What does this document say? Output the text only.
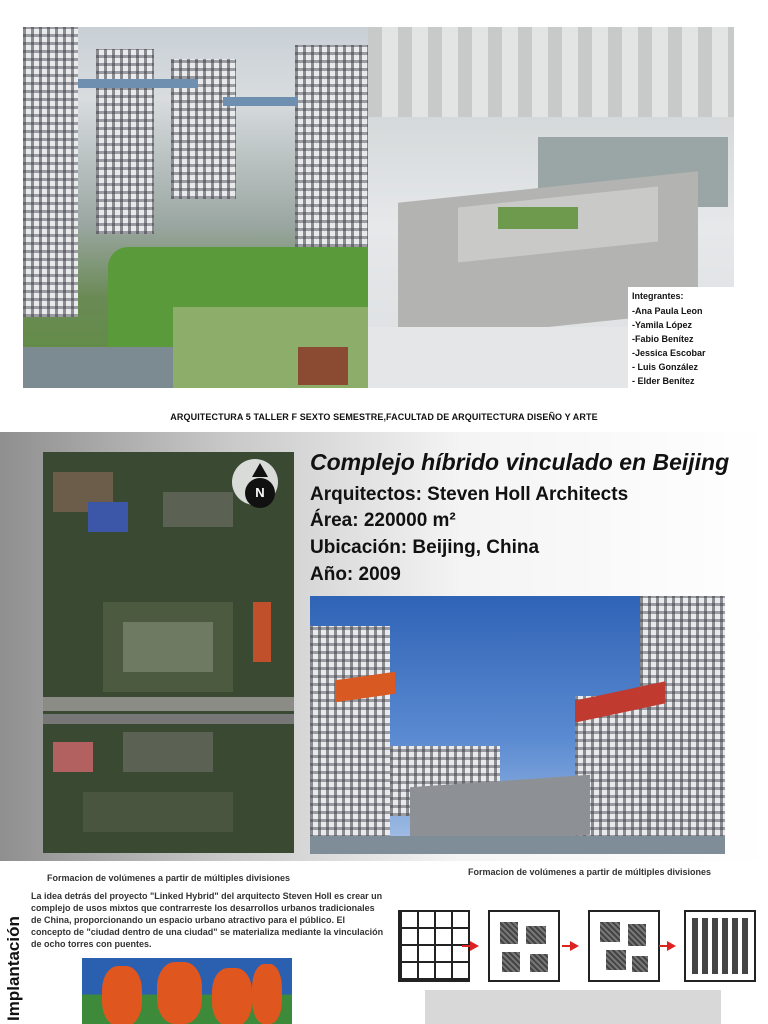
Integrantes:
-Ana Paula Leon
-Yamila López
-Fabio Benítez
-Jessica Escobar
- Luis González
- Elder Benítez
ARQUITECTURA 5 TALLER F SEXTO SEMESTRE,FACULTAD DE ARQUITECTURA DISEÑO Y ARTE
N
Complejo híbrido vinculado en Beijing
Arquitectos: Steven Holl Architects
Área: 220000 m²
Ubicación: Beijing, China
Año: 2009
Implantación
Formacion de volúmenes a partir de múltiples divisiones
Formacion de volúmenes a partir de múltiples divisiones

La idea detrás del proyecto "Linked Hybrid" del arquitecto Steven Holl es crear un complejo de usos mixtos que contrarreste los desarrollos urbanos tradicionales de China, proporcionando un espacio urbano atractivo para el público. El concepto de "ciudad dentro de una ciudad" se materializa mediante la vinculación de ocho torres con puentes.
